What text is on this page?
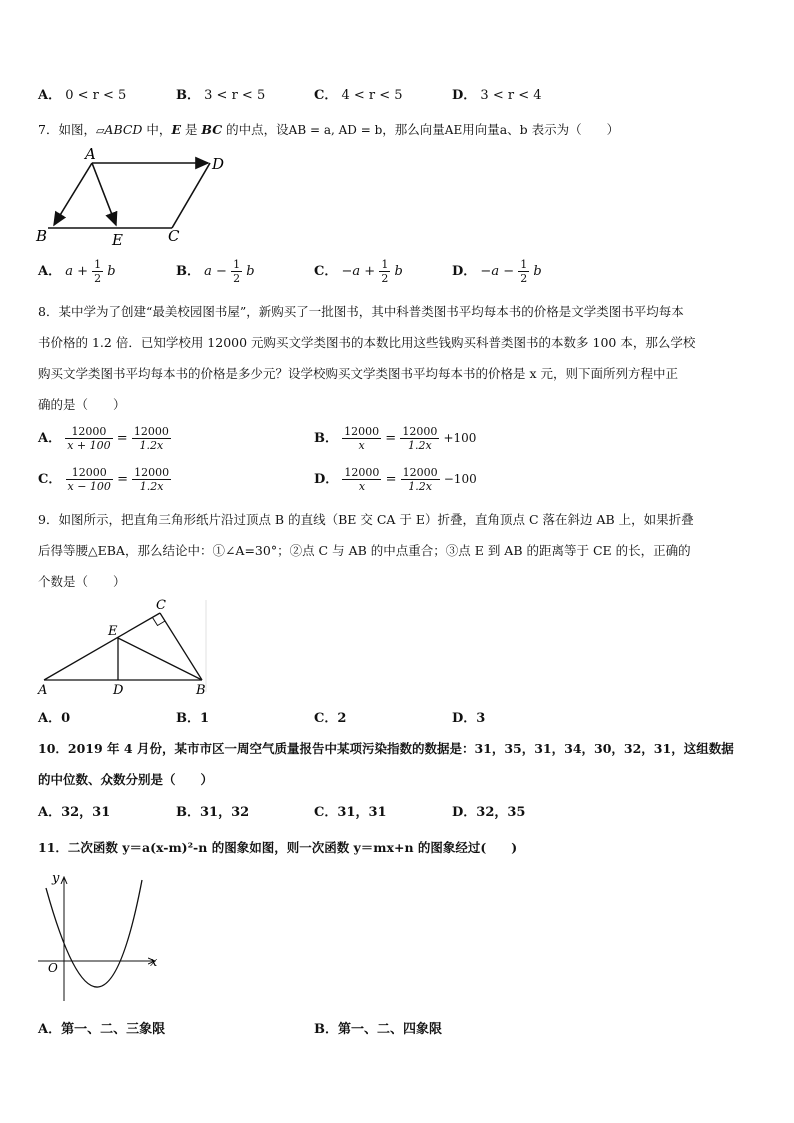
A． 0 < r < 5	B． 3 < r < 5	C． 4 < r < 5	D． 3 < r < 4
7．如图，▱ABCD 中，E 是 BC 的中点，设AB = a, AD = b，那么向量AE用向量a、b 表示为（　　）
A
D
B	E	C
A． $a + \frac{1}{2}$ b	B． $a - \frac{1}{2}$ b	C． $-a + \frac{1}{2}$ b	D． $-a - \frac{1}{2}$ b
8．某中学为了创建“最美校园图书屋”，新购买了一批图书，其中科普类图书平均每本书的价格是文学类图书平均每本
书价格的 1.2 倍．已知学校用 12000 元购买文学类图书的本数比用这些钱购买科普类图书的本数多 100 本，那么学校
购买文学类图书平均每本书的价格是多少元？设学校购买文学类图书平均每本书的价格是 x 元，则下面所列方程中正
确的是（　　）
A． $\frac{12000}{x + 100} = \frac{12000}{1.2x}$	B． $\frac{12000}{x} = \frac{12000}{1.2x} +100$
C． $\frac{12000}{x - 100} = \frac{12000}{1.2x}$	D． $\frac{12000}{x} = \frac{12000}{1.2x} -100$
9．如图所示，把直角三角形纸片沿过顶点 B 的直线（BE 交 CA 于 E）折叠，直角顶点 C 落在斜边 AB 上，如果折叠
后得等腰△EBA，那么结论中：①∠A=30°；②点 C 与 AB 的中点重合；③点 E 到 AB 的距离等于 CE 的长，正确的
个数是（　　）
C
E
A	D	B
A．0	B．1	C．2	D．3
10．2019 年 4 月份，某市市区一周空气质量报告中某项污染指数的数据是：31，35，31，34，30，32，31，这组数据
的中位数、众数分别是（　　）
A．32，31	B．31，32	C．31，31	D．32，35
11．二次函数 y＝a(x-m)²-n 的图象如图，则一次函数 y＝mx+n 的图象经过(　　)
y
x
O
A．第一、二、三象限	B．第一、二、四象限
